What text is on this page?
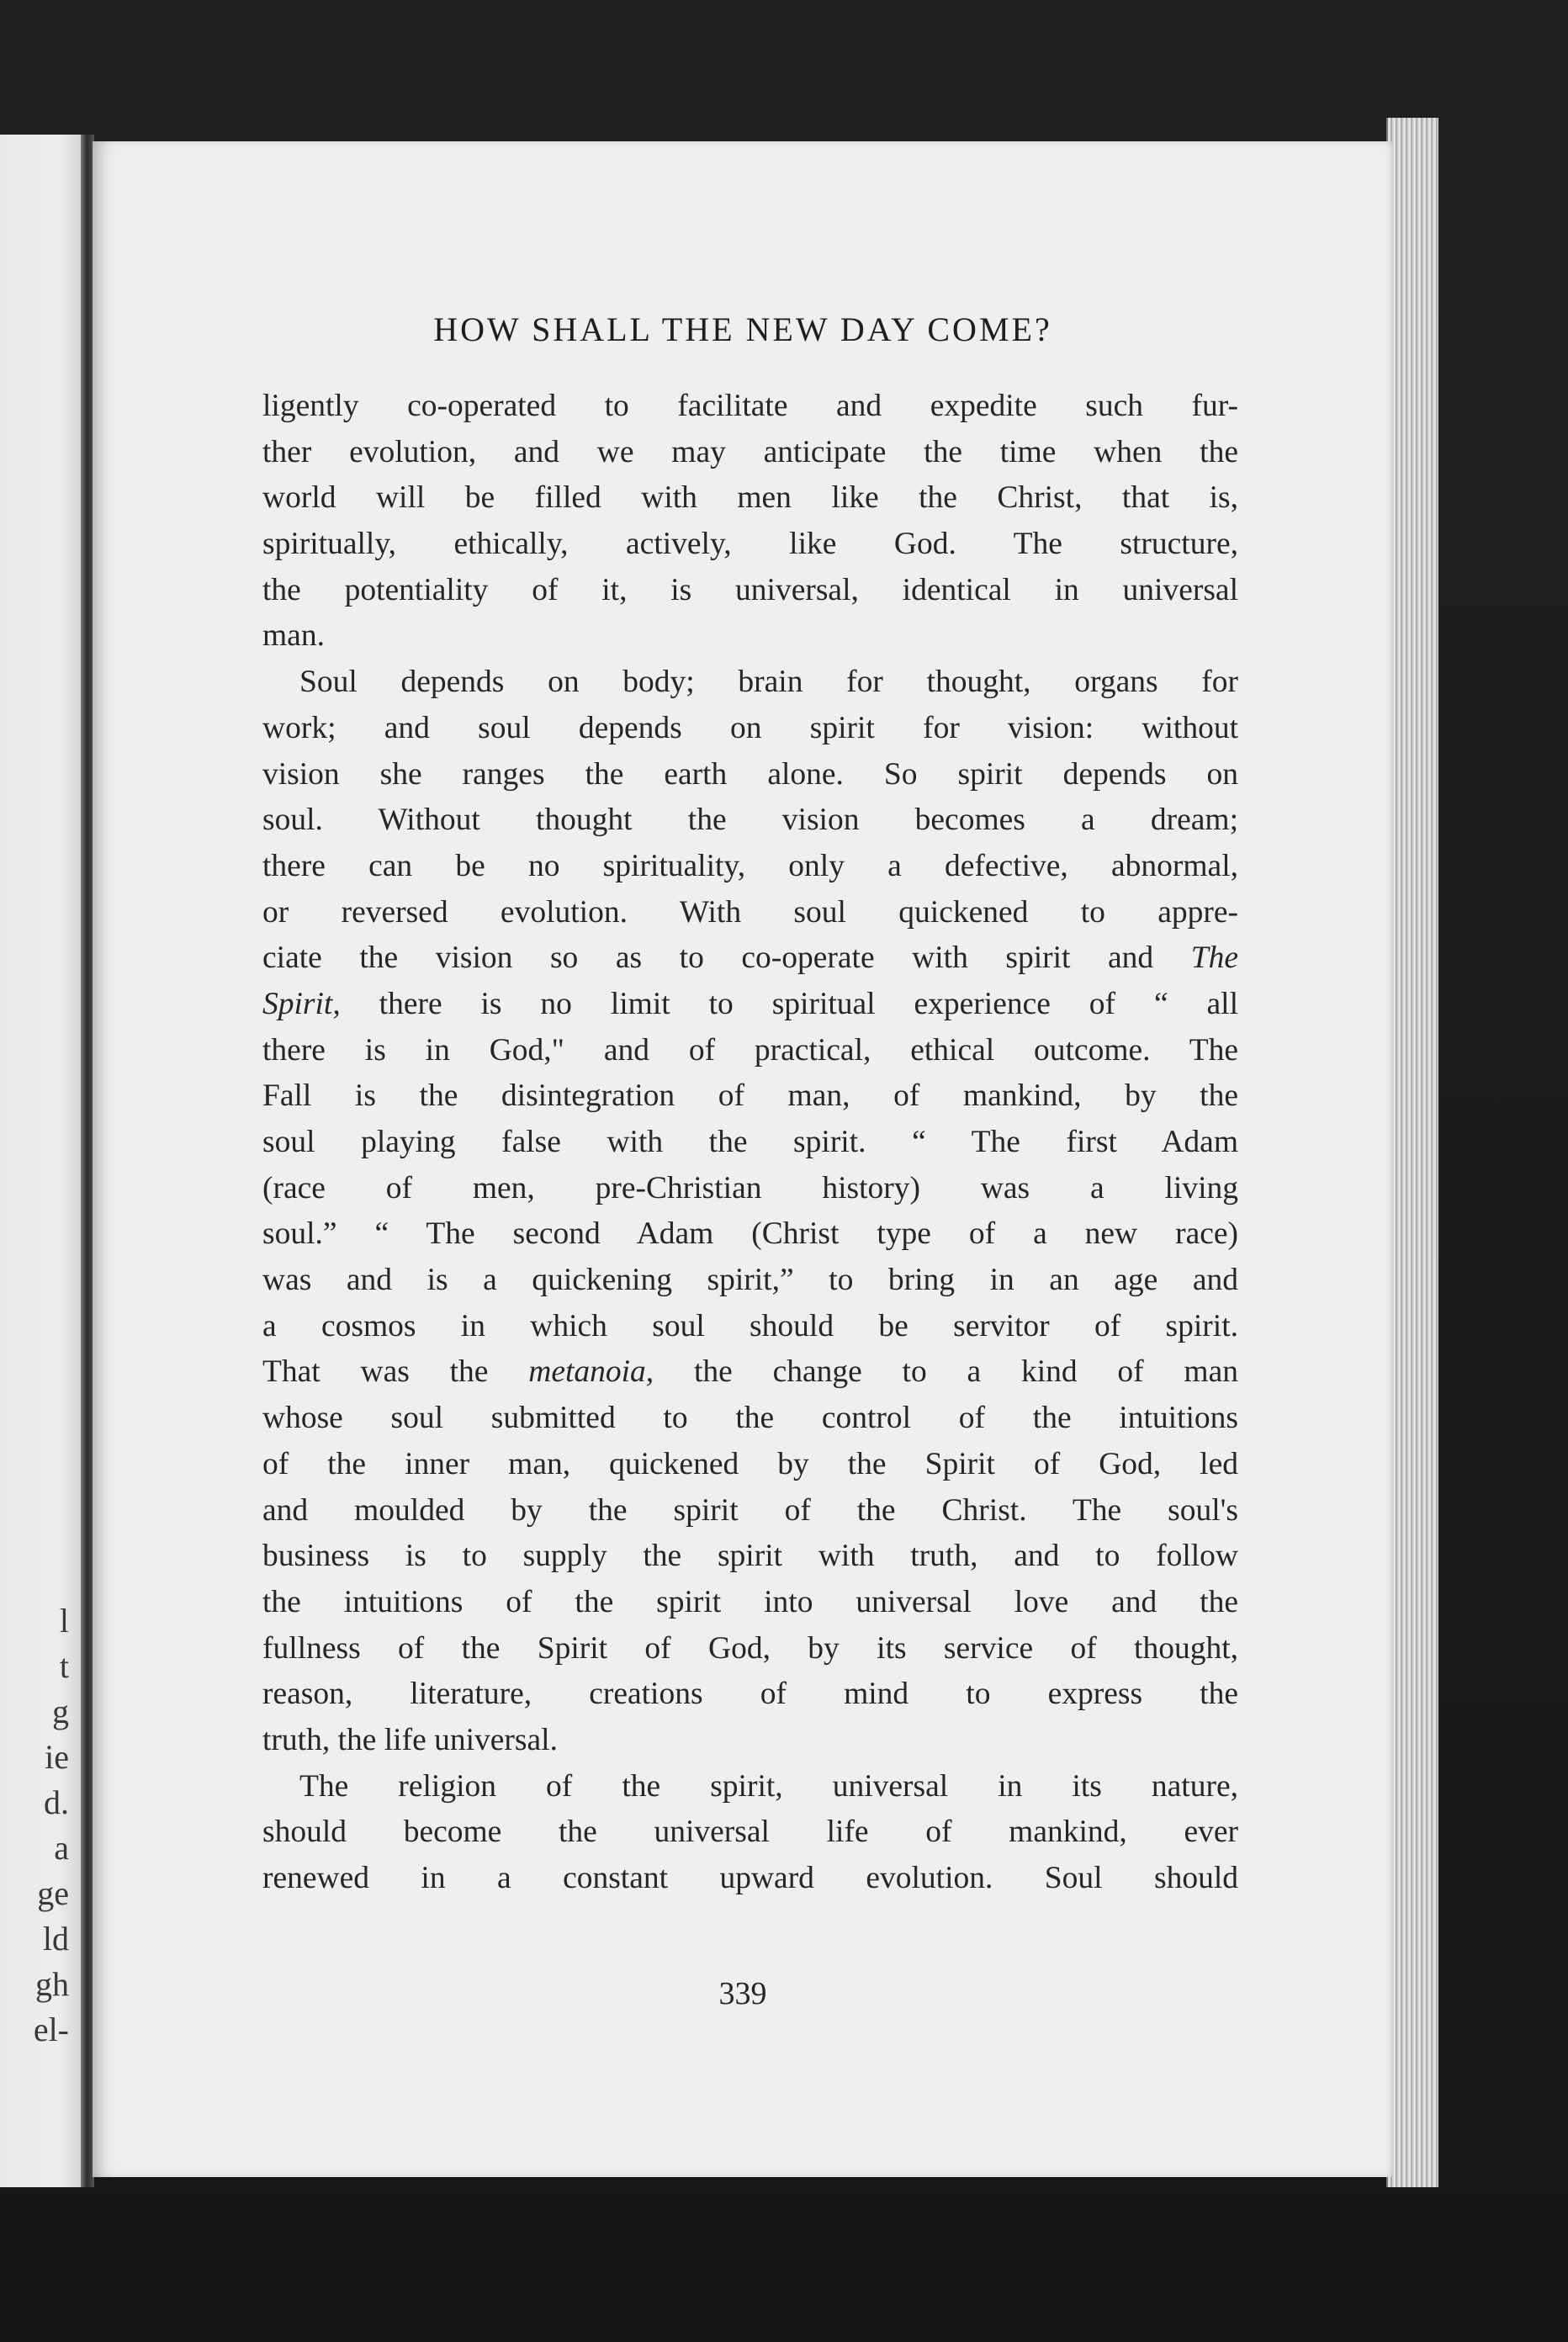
l
t
g
ie
d.
a
ge
ld
gh
el-
HOW SHALL THE NEW DAY COME?
ligently co-operated to facilitate and expedite such fur-
ther evolution, and we may anticipate the time when the
world will be filled with men like the Christ, that is,
spiritually, ethically, actively, like God. The structure,
the potentiality of it, is universal, identical in universal
man.
Soul depends on body; brain for thought, organs for
work; and soul depends on spirit for vision: without
vision she ranges the earth alone. So spirit depends on
soul. Without thought the vision becomes a dream;
there can be no spirituality, only a defective, abnormal,
or reversed evolution. With soul quickened to appre-
ciate the vision so as to co-operate with spirit and The
Spirit, there is no limit to spiritual experience of “ all
there is in God," and of practical, ethical outcome. The
Fall is the disintegration of man, of mankind, by the
soul playing false with the spirit. “ The first Adam
(race of men, pre-Christian history) was a living
soul.” “ The second Adam (Christ type of a new race)
was and is a quickening spirit,” to bring in an age and
a cosmos in which soul should be servitor of spirit.
That was the metanoia, the change to a kind of man
whose soul submitted to the control of the intuitions
of the inner man, quickened by the Spirit of God, led
and moulded by the spirit of the Christ. The soul's
business is to supply the spirit with truth, and to follow
the intuitions of the spirit into universal love and the
fullness of the Spirit of God, by its service of thought,
reason, literature, creations of mind to express the
truth, the life universal.
The religion of the spirit, universal in its nature,
should become the universal life of mankind, ever
renewed in a constant upward evolution. Soul should
339
